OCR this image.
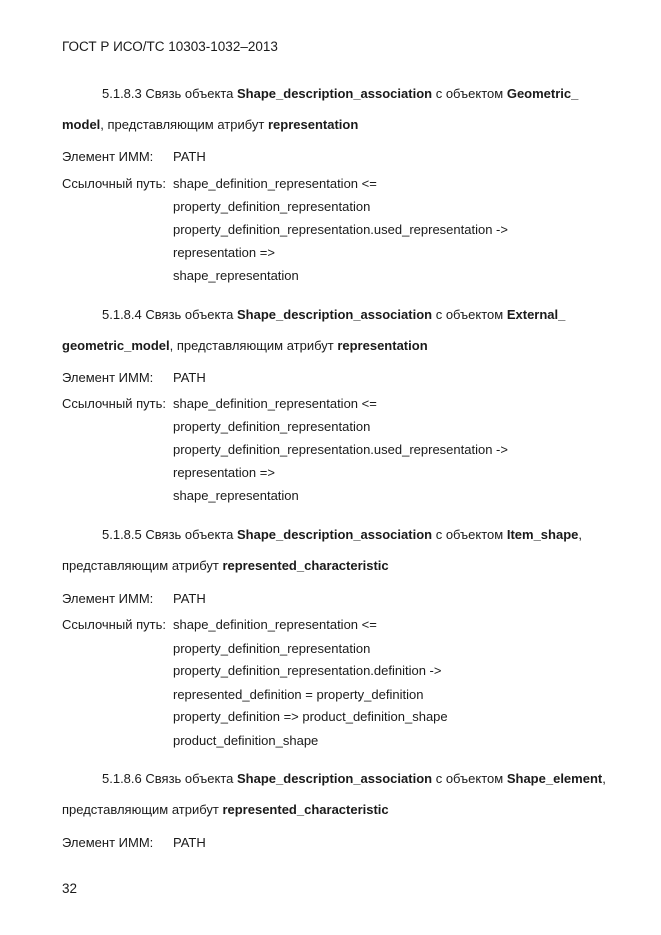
ГОСТ Р ИСО/ТС 10303-1032–2013
5.1.8.3 Связь объекта Shape_description_association с объектом Geometric_
model, представляющим атрибут representation
Элемент ИММ: PATH
Ссылочный путь: shape_definition_representation <=
property_definition_representation
property_definition_representation.used_representation ->
representation =>
shape_representation
5.1.8.4 Связь объекта Shape_description_association с объектом External_
geometric_model, представляющим атрибут representation
Элемент ИММ: PATH
Ссылочный путь: shape_definition_representation <=
property_definition_representation
property_definition_representation.used_representation ->
representation =>
shape_representation
5.1.8.5 Связь объекта Shape_description_association с объектом Item_shape,
представляющим атрибут represented_characteristic
Элемент ИММ: PATH
Ссылочный путь: shape_definition_representation <=
property_definition_representation
property_definition_representation.definition ->
represented_definition = property_definition
property_definition => product_definition_shape
product_definition_shape
5.1.8.6 Связь объекта Shape_description_association с объектом Shape_element,
представляющим атрибут represented_characteristic
Элемент ИММ: PATH
32
